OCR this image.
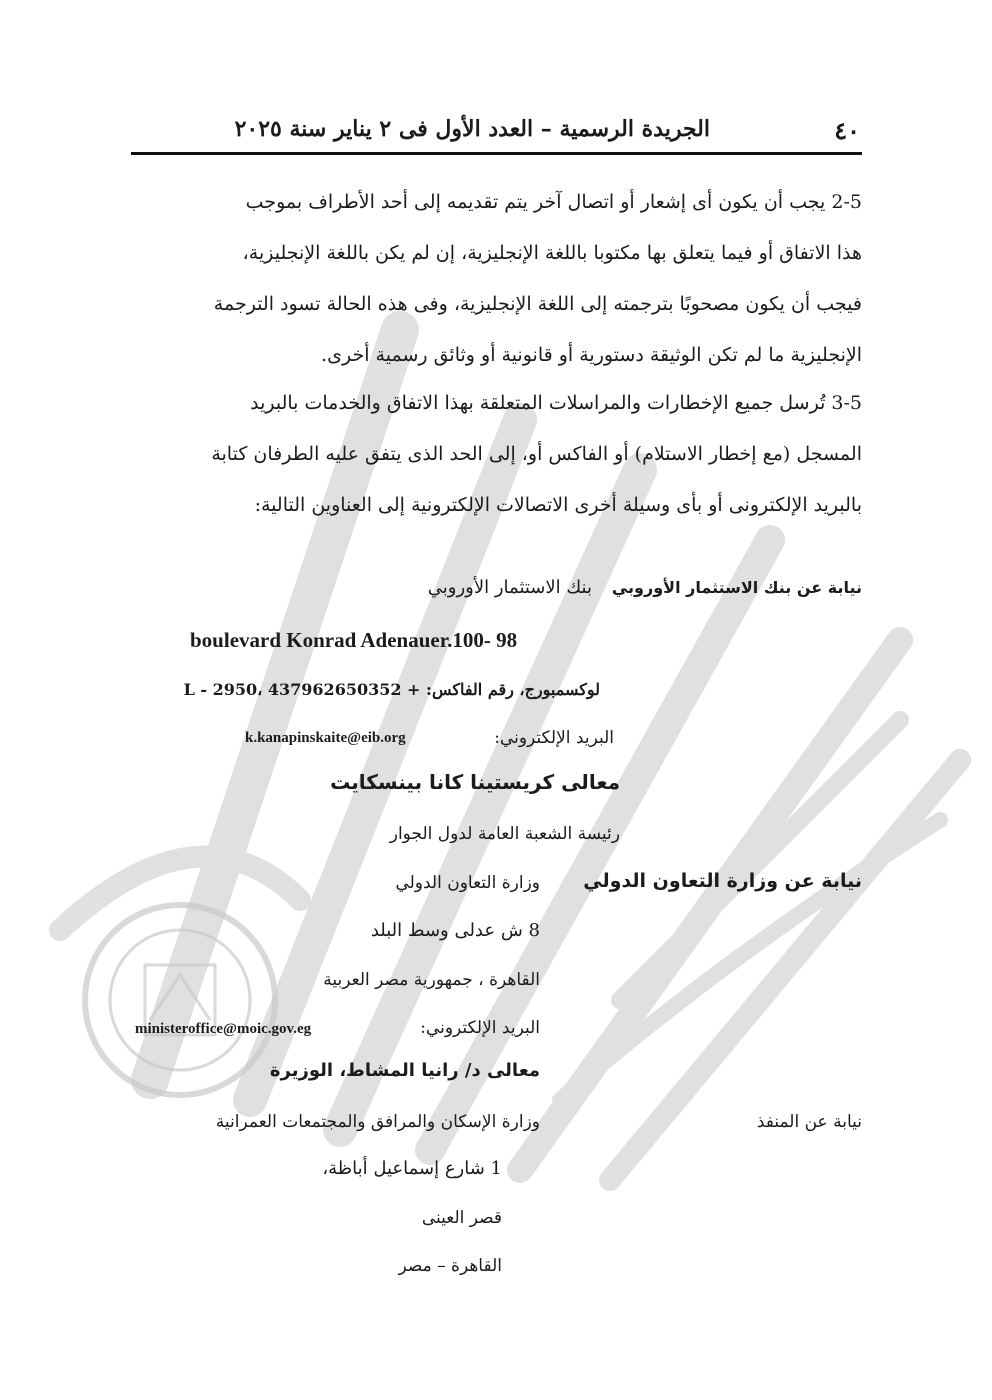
٤٠
الجريدة الرسمية – العدد الأول فى ٢ يناير سنة ٢٠٢٥
2-5 يجب أن يكون أى إشعار أو اتصال آخر يتم تقديمه إلى أحد الأطراف بموجب
هذا الاتفاق أو فيما يتعلق بها مكتوبا باللغة الإنجليزية، إن لم يكن باللغة الإنجليزية،
فيجب أن يكون مصحوبًا بترجمته إلى اللغة الإنجليزية، وفى هذه الحالة تسود الترجمة
الإنجليزية ما لم تكن الوثيقة دستورية أو قانونية أو وثائق رسمية أخرى.
3-5 تُرسل جميع الإخطارات والمراسلات المتعلقة بهذا الاتفاق والخدمات بالبريد
المسجل (مع إخطار الاستلام) أو الفاكس أو، إلى الحد الذى يتفق عليه الطرفان كتابة
بالبريد الإلكترونى أو بأى وسيلة أخرى الاتصالات الإلكترونية إلى العناوين التالية:
نيابة عن بنك الاستثمار الأوروبي
بنك الاستثمار الأوروبي
boulevard Konrad Adenauer.100- 98
L - 2950، لوكسمبورج، رقم الفاكس: + 437962650352
البريد الإلكتروني:
k.kanapinskaite@eib.org
معالى كريستينا كانا بينسكايت
رئيسة الشعبة العامة لدول الجوار
نيابة عن وزارة التعاون الدولي
وزارة التعاون الدولي
8 ش عدلى وسط البلد
القاهرة ، جمهورية مصر العربية
البريد الإلكتروني:
ministeroffice@moic.gov.eg
معالى د/ رانيا المشاط، الوزيرة
نيابة عن المنفذ
وزارة الإسكان والمرافق والمجتمعات العمرانية
1 شارع إسماعيل أباظة،
قصر العينى
القاهرة – مصر
